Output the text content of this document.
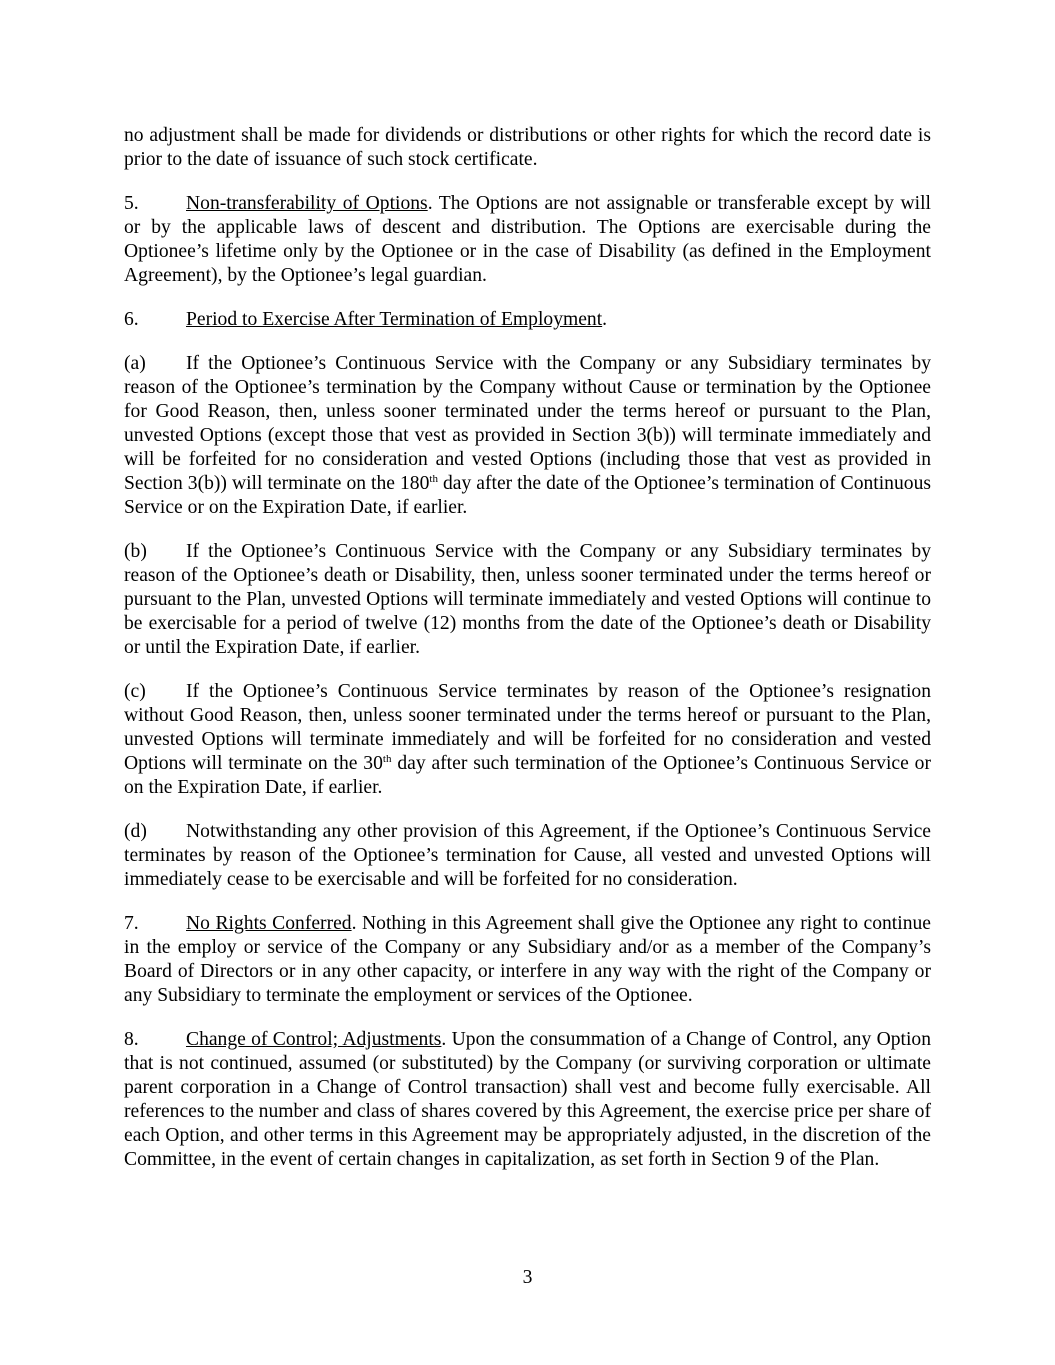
no adjustment shall be made for dividends or distributions or other rights for which the record date is prior to the date of issuance of such stock certificate.

5. Non-transferability of Options. The Options are not assignable or transferable except by will or by the applicable laws of descent and distribution. The Options are exercisable during the Optionee’s lifetime only by the Optionee or in the case of Disability (as defined in the Employment Agreement), by the Optionee’s legal guardian.

6. Period to Exercise After Termination of Employment.

(a) If the Optionee’s Continuous Service with the Company or any Subsidiary terminates by reason of the Optionee’s termination by the Company without Cause or termination by the Optionee for Good Reason, then, unless sooner terminated under the terms hereof or pursuant to the Plan, unvested Options (except those that vest as provided in Section 3(b)) will terminate immediately and will be forfeited for no consideration and vested Options (including those that vest as provided in Section 3(b)) will terminate on the 180th day after the date of the Optionee’s termination of Continuous Service or on the Expiration Date, if earlier.

(b) If the Optionee’s Continuous Service with the Company or any Subsidiary terminates by reason of the Optionee’s death or Disability, then, unless sooner terminated under the terms hereof or pursuant to the Plan, unvested Options will terminate immediately and vested Options will continue to be exercisable for a period of twelve (12) months from the date of the Optionee’s death or Disability or until the Expiration Date, if earlier.

(c) If the Optionee’s Continuous Service terminates by reason of the Optionee’s resignation without Good Reason, then, unless sooner terminated under the terms hereof or pursuant to the Plan, unvested Options will terminate immediately and will be forfeited for no consideration and vested Options will terminate on the 30th day after such termination of the Optionee’s Continuous Service or on the Expiration Date, if earlier.

(d) Notwithstanding any other provision of this Agreement, if the Optionee’s Continuous Service terminates by reason of the Optionee’s termination for Cause, all vested and unvested Options will immediately cease to be exercisable and will be forfeited for no consideration.

7. No Rights Conferred. Nothing in this Agreement shall give the Optionee any right to continue in the employ or service of the Company or any Subsidiary and/or as a member of the Company’s Board of Directors or in any other capacity, or interfere in any way with the right of the Company or any Subsidiary to terminate the employment or services of the Optionee.

8. Change of Control; Adjustments. Upon the consummation of a Change of Control, any Option that is not continued, assumed (or substituted) by the Company (or surviving corporation or ultimate parent corporation in a Change of Control transaction) shall vest and become fully exercisable. All references to the number and class of shares covered by this Agreement, the exercise price per share of each Option, and other terms in this Agreement may be appropriately adjusted, in the discretion of the Committee, in the event of certain changes in capitalization, as set forth in Section 9 of the Plan.

3
